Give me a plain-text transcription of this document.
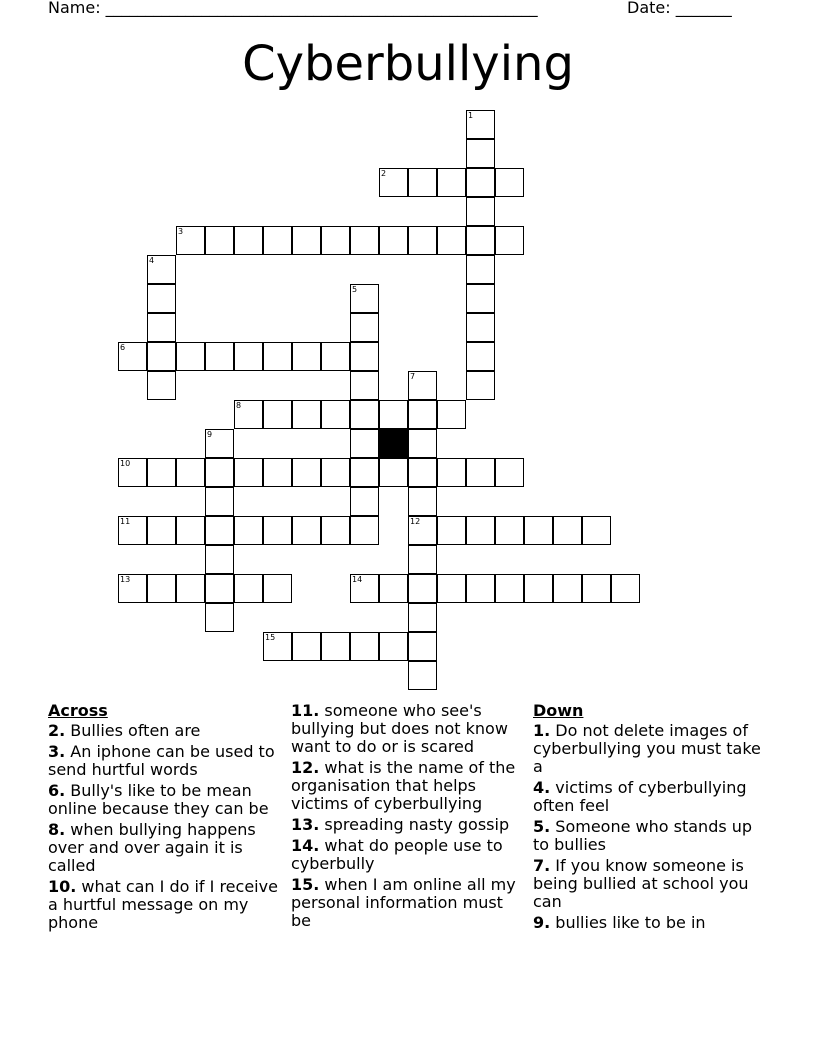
Name: ______________________________________________________	Date: _______
Cyberbullying
1
2
3
4
5
6
7
8
9
10
11	12
13	14
15
Across
2. Bullies often are
3. An iphone can be used to send hurtful words
6. Bully's like to be mean online because they can be
8. when bullying happens over and over again it is called
10. what can I do if I receive a hurtful message on my phone
11. someone who see's bullying but does not know want to do or is scared
12. what is the name of the organisation that helps victims of cyberbullying
13. spreading nasty gossip
14. what do people use to cyberbully
15. when I am online all my personal information must be
Down
1. Do not delete images of cyberbullying you must take a
4. victims of cyberbullying often feel
5. Someone who stands up to bullies
7. If you know someone is being bullied at school you can
9. bullies like to be in
